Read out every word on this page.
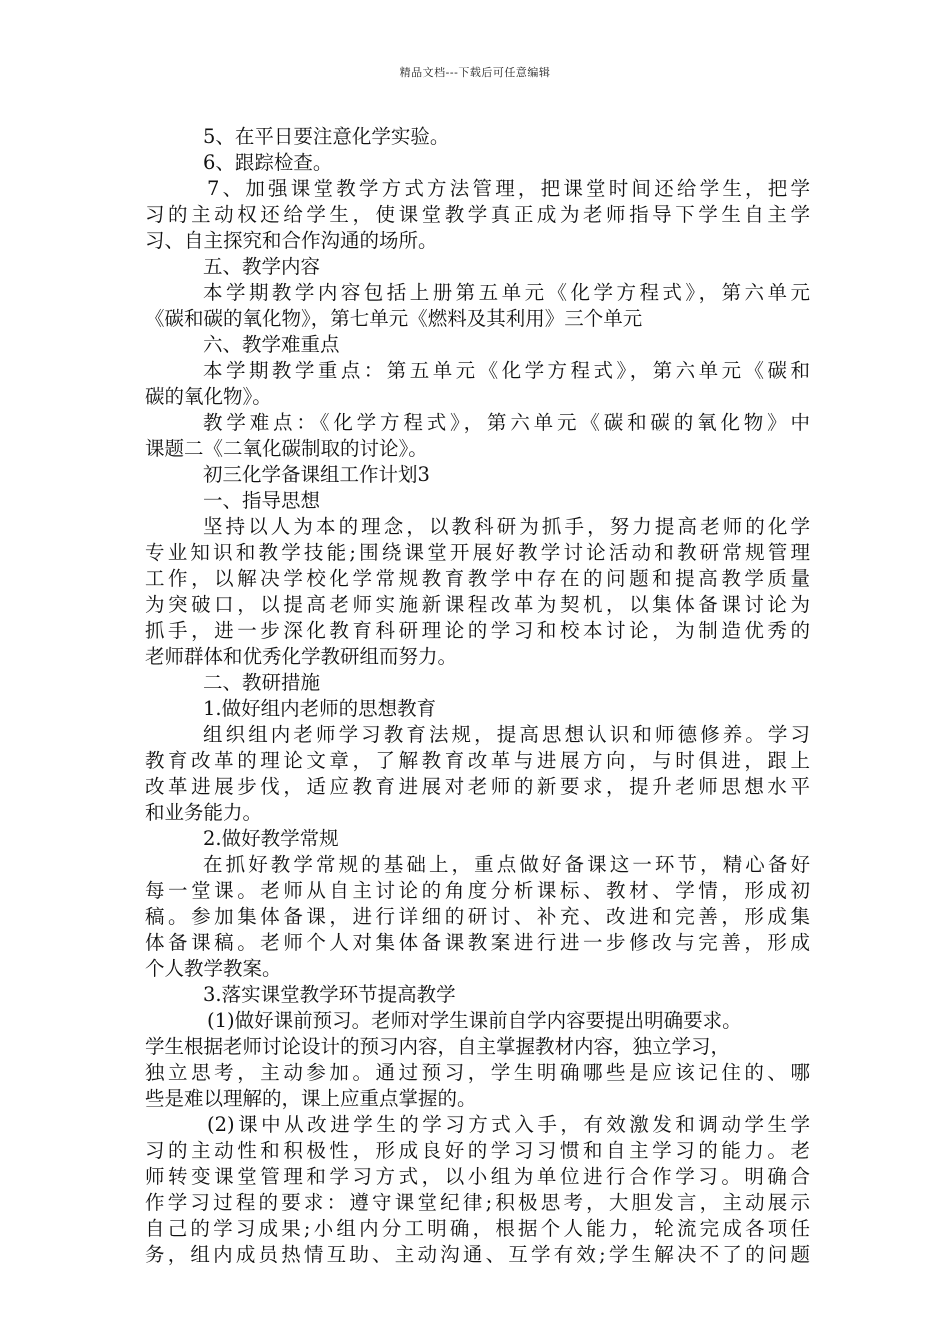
精品文档---下载后可任意编辑
5、在平日要注意化学实验。
6、跟踪检查。
7、加强课堂教学方式方法管理，把课堂时间还给学生，把学
习的主动权还给学生，使课堂教学真正成为老师指导下学生自主学
习、自主探究和合作沟通的场所。
五、教学内容
本学期教学内容包括上册第五单元《化学方程式》，第六单元
《碳和碳的氧化物》，第七单元《燃料及其利用》三个单元
六、教学难重点
本学期教学重点：第五单元《化学方程式》，第六单元《碳和
碳的氧化物》。
教学难点：《化学方程式》，第六单元《碳和碳的氧化物》中
课题二《二氧化碳制取的讨论》。
初三化学备课组工作计划3
一、指导思想
坚持以人为本的理念，以教科研为抓手，努力提高老师的化学
专业知识和教学技能;围绕课堂开展好教学讨论活动和教研常规管理
工作，以解决学校化学常规教育教学中存在的问题和提高教学质量
为突破口，以提高老师实施新课程改革为契机，以集体备课讨论为
抓手，进一步深化教育科研理论的学习和校本讨论，为制造优秀的
老师群体和优秀化学教研组而努力。
二、教研措施
1.做好组内老师的思想教育
组织组内老师学习教育法规，提高思想认识和师德修养。学习
教育改革的理论文章，了解教育改革与进展方向，与时俱进，跟上
改革进展步伐，适应教育进展对老师的新要求，提升老师思想水平
和业务能力。
2.做好教学常规
在抓好教学常规的基础上，重点做好备课这一环节，精心备好
每一堂课。老师从自主讨论的角度分析课标、教材、学情，形成初
稿。参加集体备课，进行详细的研讨、补充、改进和完善，形成集
体备课稿。老师个人对集体备课教案进行进一步修改与完善，形成
个人教学教案。
3.落实课堂教学环节提高教学
(1)做好课前预习。老师对学生课前自学内容要提出明确要求。
学生根据老师讨论设计的预习内容，自主掌握教材内容，独立学习，
独立思考，主动参加。通过预习，学生明确哪些是应该记住的、哪
些是难以理解的，课上应重点掌握的。
(2)课中从改进学生的学习方式入手，有效激发和调动学生学
习的主动性和积极性，形成良好的学习习惯和自主学习的能力。老
师转变课堂管理和学习方式，以小组为单位进行合作学习。明确合
作学习过程的要求：遵守课堂纪律;积极思考，大胆发言，主动展示
自己的学习成果;小组内分工明确，根据个人能力，轮流完成各项任
务，组内成员热情互助、主动沟通、互学有效;学生解决不了的问题
